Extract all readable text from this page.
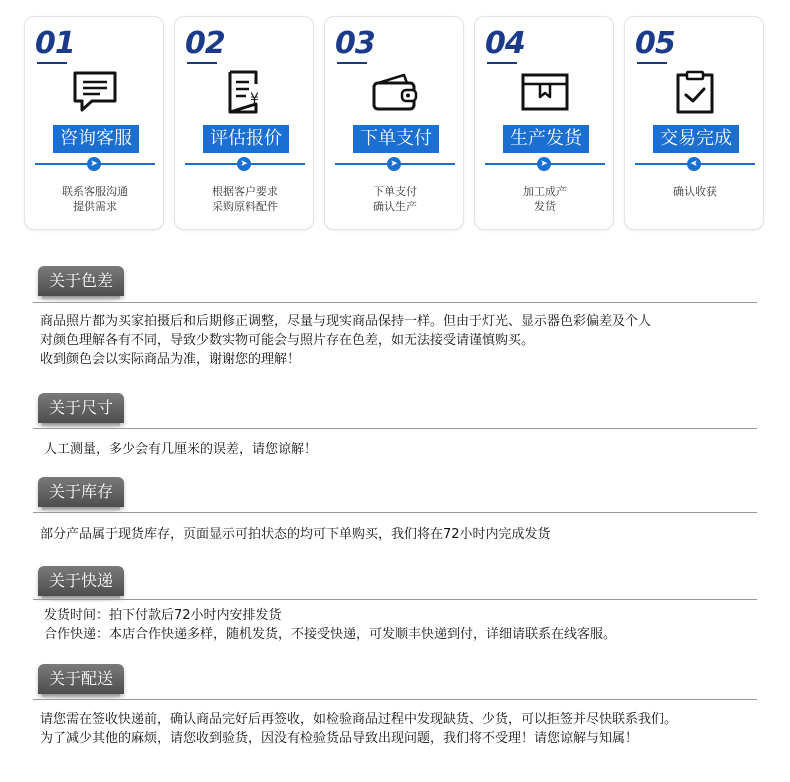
01
咨询客服
➤
联系客服沟通
提供需求
02
¥
评估报价
➤
根据客户要求
采购原料配件
03
下单支付
➤
下单支付
确认生产
04
生产发货
➤
加工成产
发货
05
交易完成
➤
确认收获
关于色差
商品照片都为买家拍摄后和后期修正调整，尽量与现实商品保持一样。但由于灯光、显示器色彩偏差及个人
对颜色理解各有不同，导致少数实物可能会与照片存在色差，如无法接受请谨慎购买。
收到颜色会以实际商品为准，谢谢您的理解！
关于尺寸
人工测量，多少会有几厘米的误差，请您谅解！
关于库存
部分产品属于现货库存，页面显示可拍状态的均可下单购买，我们将在72小时内完成发货
关于快递
发货时间：拍下付款后72小时内安排发货
合作快递：本店合作快递多样，随机发货，不接受快递，可发顺丰快递到付，详细请联系在线客服。
关于配送
请您需在签收快递前，确认商品完好后再签收，如检验商品过程中发现缺货、少货，可以拒签并尽快联系我们。
为了减少其他的麻烦，请您收到验货，因没有检验货品导致出现问题，我们将不受理！请您谅解与知属！
